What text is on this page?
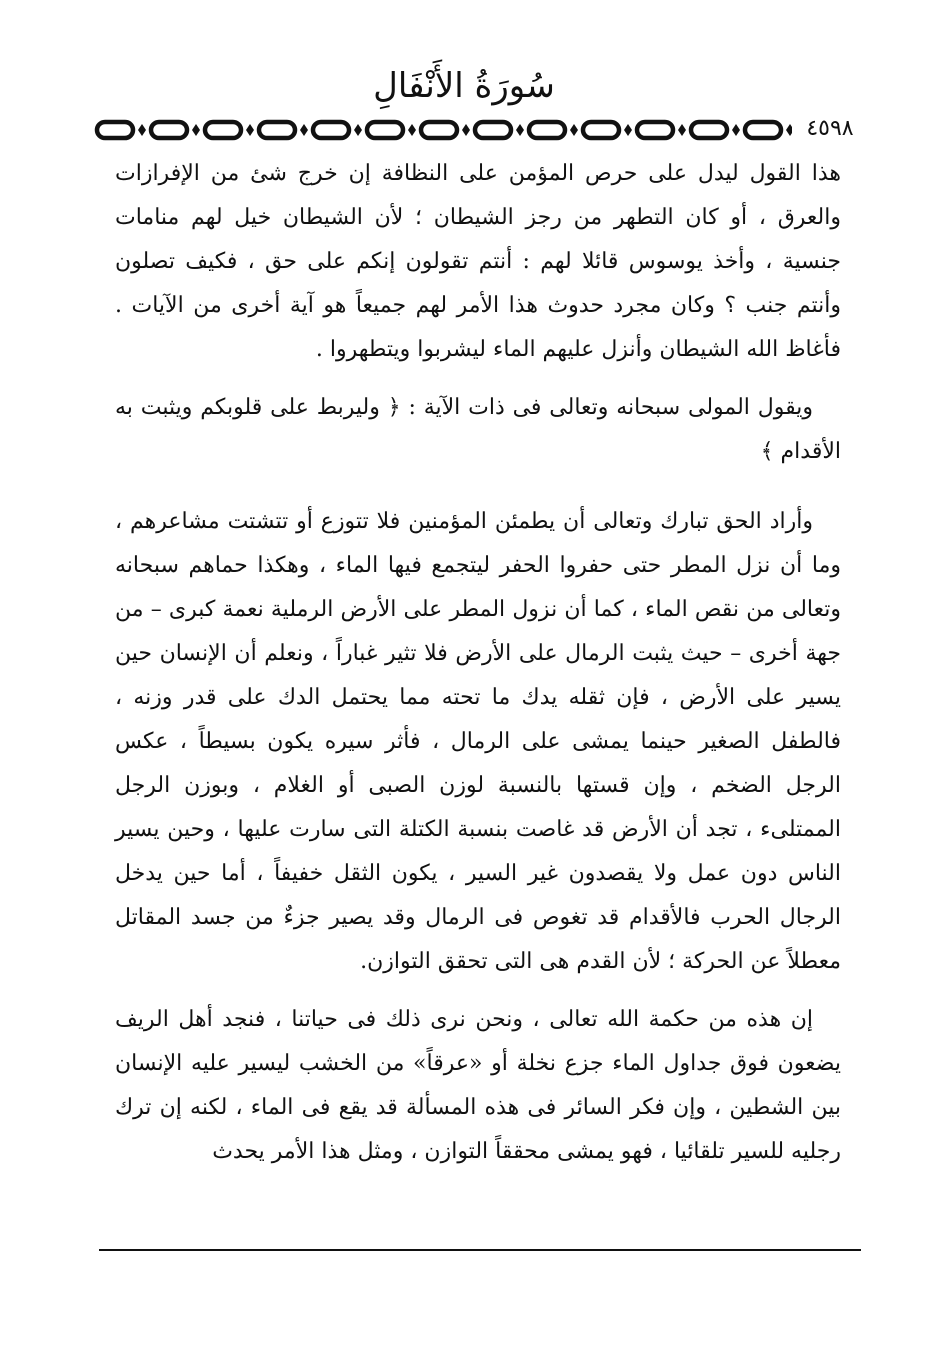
سُورَةُ الأَنْفَالِ
٤٥٩٨

هذا القول ليدل على حرص المؤمن على النظافة إن خرج شئ من الإفرازات والعرق ، أو كان التطهر من رجز الشيطان ؛ لأن الشيطان خيل لهم منامات جنسية ، وأخذ يوسوس قائلا لهم : أنتم تقولون إنكم على حق ، فكيف تصلون وأنتم جنب ؟ وكان مجرد حدوث هذا الأمر لهم جميعاً هو آية أخرى من الآيات . فأغاظ الله الشيطان وأنزل عليهم الماء ليشربوا ويتطهروا .

ويقول المولى سبحانه وتعالى فى ذات الآية : ﴿ وليربط على قلوبكم ويثبت به الأقدام ﴾

وأراد الحق تبارك وتعالى أن يطمئن المؤمنين فلا تتوزع أو تتشتت مشاعرهم ، وما أن نزل المطر حتى حفروا الحفر ليتجمع فيها الماء ، وهكذا حماهم سبحانه وتعالى من نقص الماء ، كما أن نزول المطر على الأرض الرملية نعمة كبرى – من جهة أخرى – حيث يثبت الرمال على الأرض فلا تثير غباراً ، ونعلم أن الإنسان حين يسير على الأرض ، فإن ثقله يدك ما تحته مما يحتمل الدك على قدر وزنه ، فالطفل الصغير حينما يمشى على الرمال ، فأثر سيره يكون بسيطاً ، عكس الرجل الضخم ، وإن قستها بالنسبة لوزن الصبى أو الغلام ، وبوزن الرجل الممتلىء ، تجد أن الأرض قد غاصت بنسبة الكتلة التى سارت عليها ، وحين يسير الناس دون عمل ولا يقصدون غير السير ، يكون الثقل خفيفاً ، أما حين يدخل الرجال الحرب فالأقدام قد تغوص فى الرمال وقد يصير جزءٌ من جسد المقاتل معطلاً عن الحركة ؛ لأن القدم هى التى تحقق التوازن.

إن هذه من حكمة الله تعالى ، ونحن نرى ذلك فى حياتنا ، فنجد أهل الريف يضعون فوق جداول الماء جزع نخلة أو «عرقاً» من الخشب ليسير عليه الإنسان بين الشطين ، وإن فكر السائر فى هذه المسألة قد يقع فى الماء ، لكنه إن ترك رجليه للسير تلقائيا ، فهو يمشى محققاً التوازن ، ومثل هذا الأمر يحدث
